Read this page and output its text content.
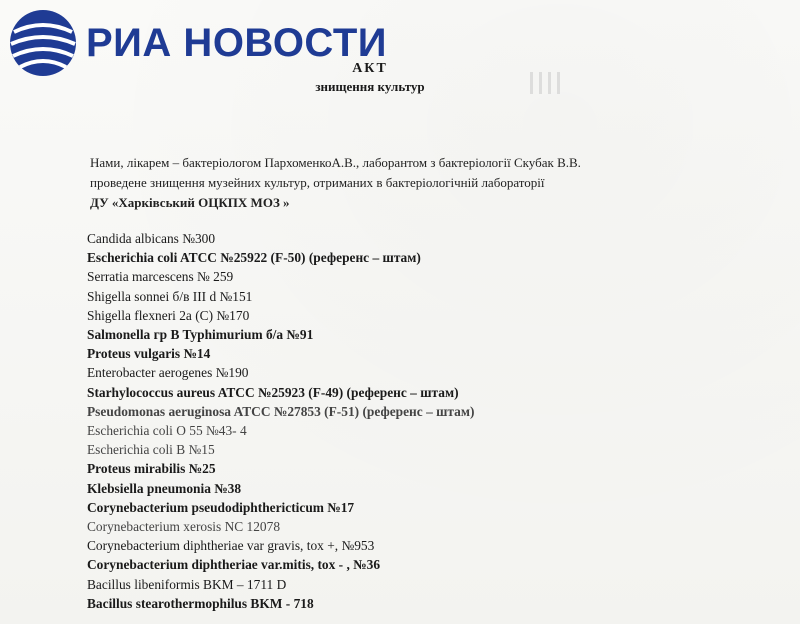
РИА НОВОСТИ
АКТ
знищення культур
Нами, лікарем – бактеріологом ПархоменкоА.В., лаборантом з бактеріології Скубак В.В.
проведене знищення музейних культур, отриманих в бактеріологічній лабораторії
ДУ «Харківський ОЦКПХ МОЗ »
Candida albicans №300
Escherichia coli ATCC №25922 (F-50) (референс – штам)
Serratia marcescens № 259
Shigella sonnei б/в III d №151
Shigella flexneri 2a (C) №170
Salmonella гр B Typhimurium б/а №91
Proteus vulgaris №14
Enterobacter aerogenes №190
Starhylococcus aureus ATCC №25923 (F-49) (референс – штам)
Pseudomonas aeruginosa ATCC №27853 (F-51) (референс – штам)
Escherichia coli O 55 №43- 4
Escherichia coli B №15
Proteus mirabilis №25
Klebsiella pneumonia №38
Corynebacterium pseudodiphthericticum №17
Corynebacterium xerosis NC 12078
Corynebacterium diphtheriae var gravis, tox +, №953
Corynebacterium diphtheriae var.mitis, tox - , №36
Bacillus libeniformis BKM – 1711 D
Bacillus stearothermophilus BKM - 718
